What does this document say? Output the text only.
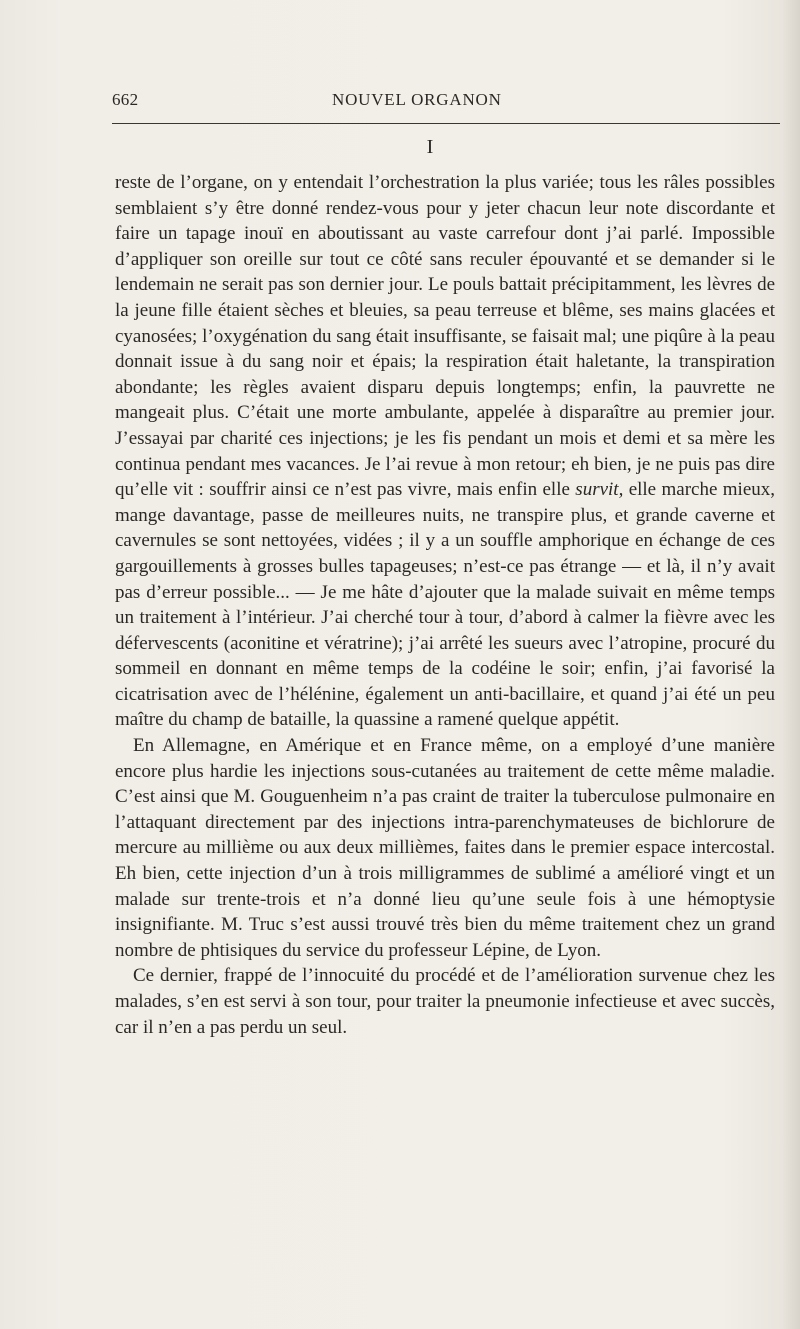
662	NOUVEL ORGANON
I

reste de l’organe, on y entendait l’orchestration la plus variée; tous les râles possibles semblaient s’y être donné rendez-vous pour y jeter chacun leur note discordante et faire un tapage inouï en aboutissant au vaste carrefour dont j’ai parlé. Impossible d’appliquer son oreille sur tout ce côté sans reculer épouvanté et se demander si le lendemain ne serait pas son dernier jour. Le pouls battait précipitamment, les lèvres de la jeune fille étaient sèches et bleuies, sa peau terreuse et blême, ses mains glacées et cyanosées; l’oxygénation du sang était insuffisante, se faisait mal; une piqûre à la peau donnait issue à du sang noir et épais; la respiration était haletante, la transpiration abondante; les règles avaient disparu depuis longtemps; enfin, la pauvrette ne mangeait plus. C’était une morte ambulante, appelée à disparaître au premier jour. J’essayai par charité ces injections; je les fis pendant un mois et demi et sa mère les continua pendant mes vacances. Je l’ai revue à mon retour; eh bien, je ne puis pas dire qu’elle vit : souffrir ainsi ce n’est pas vivre, mais enfin elle survit, elle marche mieux, mange davantage, passe de meilleures nuits, ne transpire plus, et grande caverne et cavernules se sont nettoyées, vidées ; il y a un souffle amphorique en échange de ces gargouillements à grosses bulles tapageuses; n’est-ce pas étrange — et là, il n’y avait pas d’erreur possible... — Je me hâte d’ajouter que la malade suivait en même temps un traitement à l’intérieur. J’ai cherché tour à tour, d’abord à calmer la fièvre avec les défervescents (aconitine et vératrine); j’ai arrêté les sueurs avec l’atropine, procuré du sommeil en donnant en même temps de la codéine le soir; enfin, j’ai favorisé la cicatrisation avec de l’hélénine, également un anti-bacillaire, et quand j’ai été un peu maître du champ de bataille, la quassine a ramené quelque appétit.

En Allemagne, en Amérique et en France même, on a employé d’une manière encore plus hardie les injections sous-cutanées au traitement de cette même maladie. C’est ainsi que M. Gouguenheim n’a pas craint de traiter la tuberculose pulmonaire en l’attaquant directement par des injections intra-parenchymateuses de bichlorure de mercure au millième ou aux deux millièmes, faites dans le premier espace intercostal. Eh bien, cette injection d’un à trois milligrammes de sublimé a amélioré vingt et un malade sur trente-trois et n’a donné lieu qu’une seule fois à une hémoptysie insignifiante. M. Truc s’est aussi trouvé très bien du même traitement chez un grand nombre de phtisiques du service du professeur Lépine, de Lyon.

Ce dernier, frappé de l’innocuité du procédé et de l’amélioration survenue chez les malades, s’en est servi à son tour, pour traiter la pneumonie infectieuse et avec succès, car il n’en a pas perdu un seul.
